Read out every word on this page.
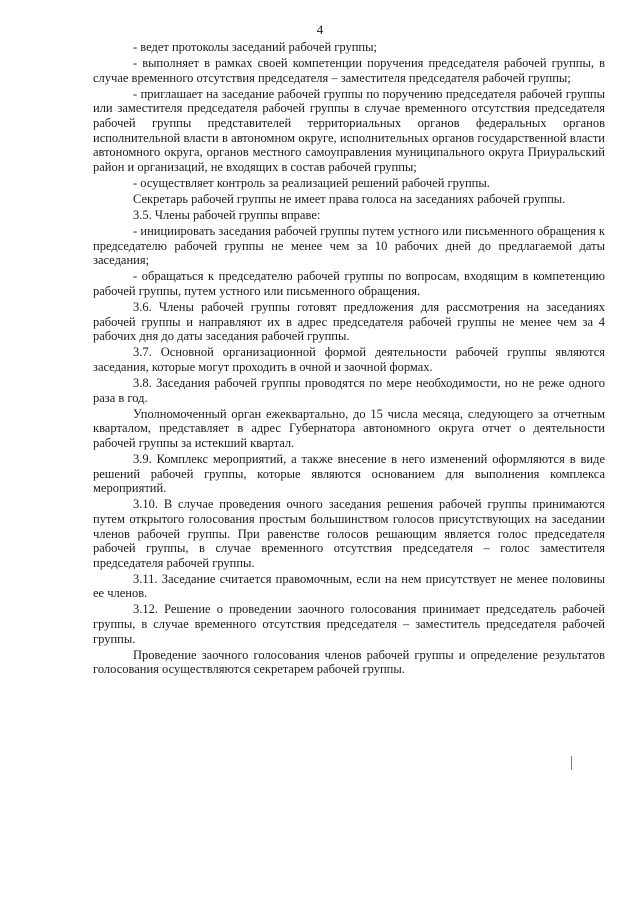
4

- ведет протоколы заседаний рабочей группы;

- выполняет в рамках своей компетенции поручения председателя рабочей группы, в случае временного отсутствия председателя – заместителя председателя рабочей группы;

- приглашает на заседание рабочей группы по поручению председателя рабочей группы или заместителя председателя рабочей группы в случае временного отсутствия председателя рабочей группы представителей территориальных органов федеральных органов исполнительной власти в автономном округе, исполнительных органов государственной власти автономного округа, органов местного самоуправления муниципального округа Приуральский район и организаций, не входящих в состав рабочей группы;

- осуществляет контроль за реализацией решений рабочей группы.

Секретарь рабочей группы не имеет права голоса на заседаниях рабочей группы.

3.5. Члены рабочей группы вправе:

- инициировать заседания рабочей группы путем устного или письменного обращения к председателю рабочей группы не менее чем за 10 рабочих дней до предлагаемой даты заседания;

- обращаться к председателю рабочей группы по вопросам, входящим в компетенцию рабочей группы, путем устного или письменного обращения.

3.6. Члены рабочей группы готовят предложения для рассмотрения на заседаниях рабочей группы и направляют их в адрес председателя рабочей группы не менее чем за 4 рабочих дня до даты заседания рабочей группы.

3.7. Основной организационной формой деятельности рабочей группы являются заседания, которые могут проходить в очной и заочной формах.

3.8. Заседания рабочей группы проводятся по мере необходимости, но не реже одного раза в год.

Уполномоченный орган ежеквартально, до 15 числа месяца, следующего за отчетным кварталом, представляет в адрес Губернатора автономного округа отчет о деятельности рабочей группы за истекший квартал.

3.9. Комплекс мероприятий, а также внесение в него изменений оформляются в виде решений рабочей группы, которые являются основанием для выполнения комплекса мероприятий.

3.10. В случае проведения очного заседания решения рабочей группы принимаются путем открытого голосования простым большинством голосов присутствующих на заседании членов рабочей группы. При равенстве голосов решающим является голос председателя рабочей группы, в случае временного отсутствия председателя – голос заместителя председателя рабочей группы.

3.11. Заседание считается правомочным, если на нем присутствует не менее половины ее членов.

3.12. Решение о проведении заочного голосования принимает председатель рабочей группы, в случае временного отсутствия председателя – заместитель председателя рабочей группы.

Проведение заочного голосования членов рабочей группы и определение результатов голосования осуществляются секретарем рабочей группы.
